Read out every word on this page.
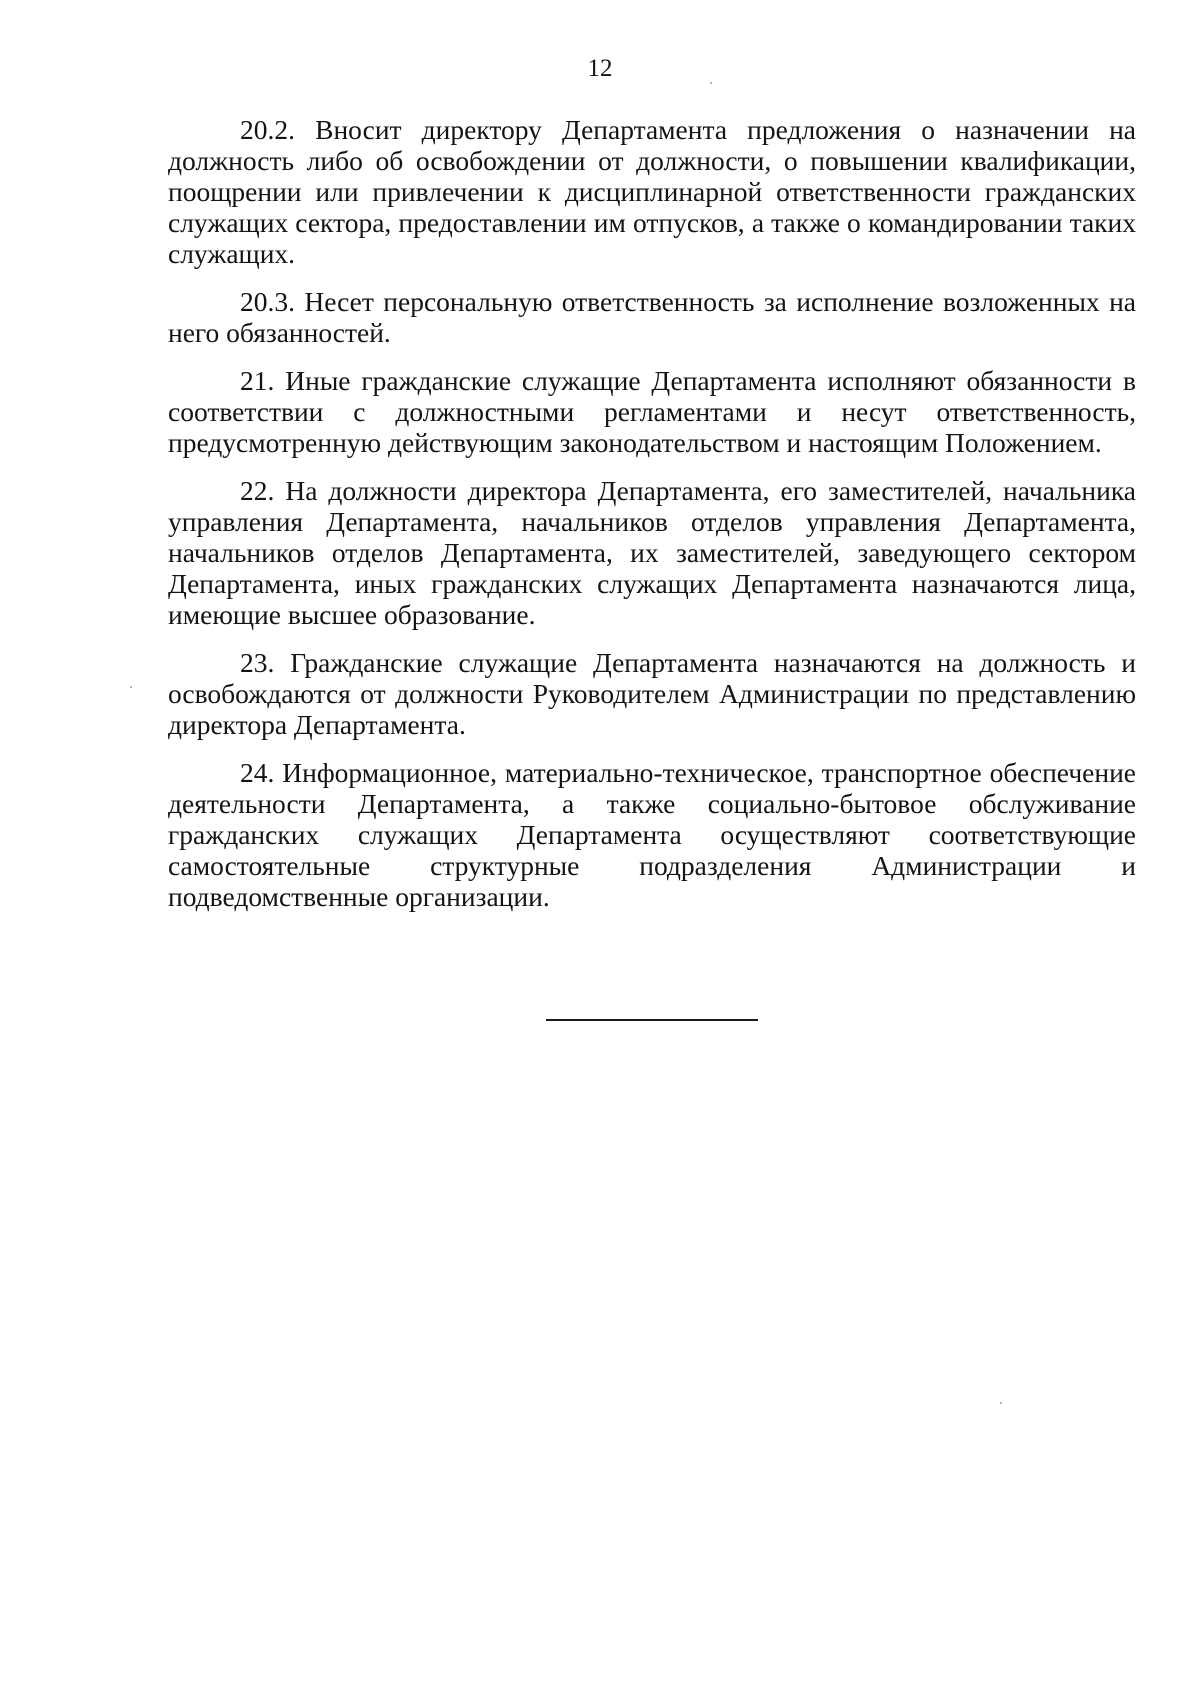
12

20.2. Вносит директору Департамента предложения о назначении на должность либо об освобождении от должности, о повышении квалификации, поощрении или привлечении к дисциплинарной ответственности гражданских служащих сектора, предоставлении им отпусков, а также о командировании таких служащих.

20.3. Несет персональную ответственность за исполнение возложенных на него обязанностей.

21. Иные гражданские служащие Департамента исполняют обязанности в соответствии с должностными регламентами и несут ответственность, предусмотренную действующим законодательством и настоящим Положением.

22. На должности директора Департамента, его заместителей, начальника управления Департамента, начальников отделов управления Департамента, начальников отделов Департамента, их заместителей, заведующего сектором Департамента, иных гражданских служащих Департамента назначаются лица, имеющие высшее образование.

23. Гражданские служащие Департамента назначаются на должность и освобождаются от должности Руководителем Администрации по представлению директора Департамента.

24. Информационное, материально-техническое, транспортное обеспечение деятельности Департамента, а также социально-бытовое обслуживание гражданских служащих Департамента осуществляют соответствующие самостоятельные структурные подразделения Администрации и подведомственные организации.
